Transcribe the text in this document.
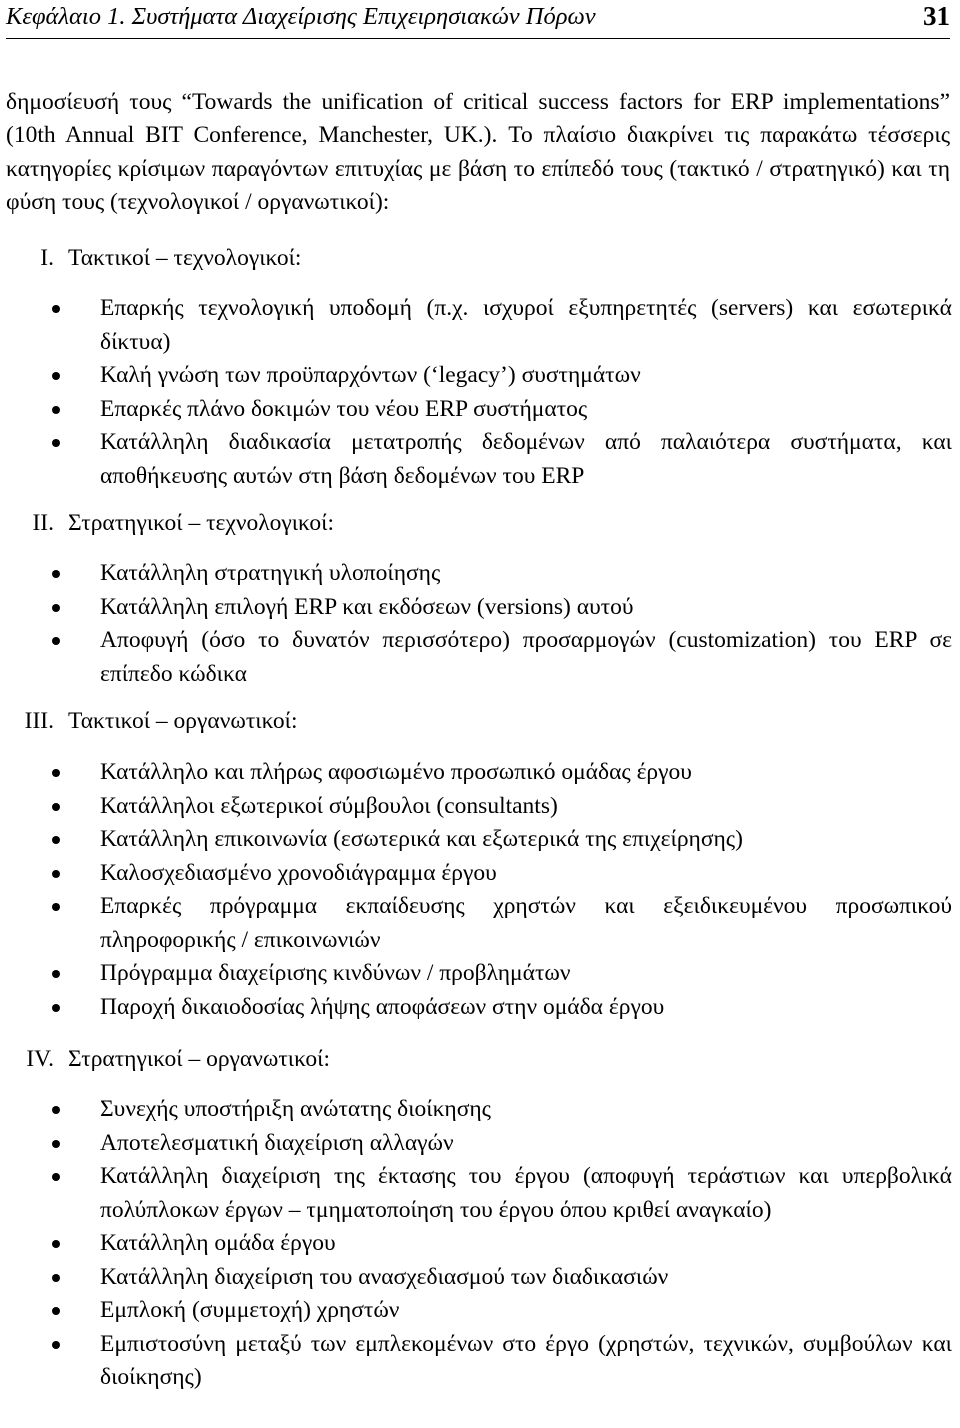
Κεφάλαιο 1. Συστήματα Διαχείρισης Επιχειρησιακών Πόρων	31

δημοσίευσή τους “Towards the unification of critical success factors for ERP implementations” (10th Annual BIT Conference, Manchester, UK.). Το πλαίσιο διακρίνει τις παρακάτω τέσσερις κατηγορίες κρίσιμων παραγόντων επιτυχίας με βάση το επίπεδό τους (τακτικό / στρατηγικό) και τη φύση τους (τεχνολογικοί / οργανωτικοί):

I. Τακτικοί – τεχνολογικοί:
Επαρκής τεχνολογική υποδομή (π.χ. ισχυροί εξυπηρετητές (servers) και εσωτερικά δίκτυα)
Καλή γνώση των προϋπαρχόντων (‘legacy’) συστημάτων
Επαρκές πλάνο δοκιμών του νέου ERP συστήματος
Κατάλληλη διαδικασία μετατροπής δεδομένων από παλαιότερα συστήματα, και αποθήκευσης αυτών στη βάση δεδομένων του ERP
II. Στρατηγικοί – τεχνολογικοί:
Κατάλληλη στρατηγική υλοποίησης
Κατάλληλη επιλογή ERP και εκδόσεων (versions) αυτού
Αποφυγή (όσο το δυνατόν περισσότερο) προσαρμογών (customization) του ERP σε επίπεδο κώδικα
III. Τακτικοί – οργανωτικοί:
Κατάλληλο και πλήρως αφοσιωμένο προσωπικό ομάδας έργου
Κατάλληλοι εξωτερικοί σύμβουλοι (consultants)
Κατάλληλη επικοινωνία (εσωτερικά και εξωτερικά της επιχείρησης)
Καλοσχεδιασμένο χρονοδιάγραμμα έργου
Επαρκές πρόγραμμα εκπαίδευσης χρηστών και εξειδικευμένου προσωπικού πληροφορικής / επικοινωνιών
Πρόγραμμα διαχείρισης κινδύνων / προβλημάτων
Παροχή δικαιοδοσίας λήψης αποφάσεων στην ομάδα έργου
IV. Στρατηγικοί – οργανωτικοί:
Συνεχής υποστήριξη ανώτατης διοίκησης
Αποτελεσματική διαχείριση αλλαγών
Κατάλληλη διαχείριση της έκτασης του έργου (αποφυγή τεράστιων και υπερβολικά πολύπλοκων έργων – τμηματοποίηση του έργου όπου κριθεί αναγκαίο)
Κατάλληλη ομάδα έργου
Κατάλληλη διαχείριση του ανασχεδιασμού των διαδικασιών
Εμπλοκή (συμμετοχή) χρηστών
Εμπιστοσύνη μεταξύ των εμπλεκομένων στο έργο (χρηστών, τεχνικών, συμβούλων και διοίκησης)
